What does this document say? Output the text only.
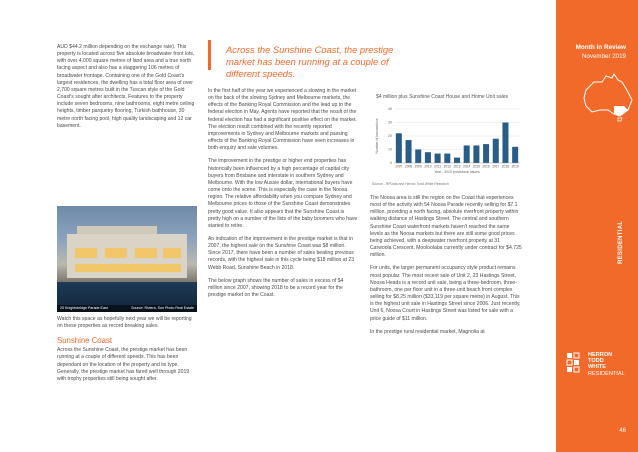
AUD $44.2 million depending on the exchange rate). This property is located across five absolute broadwater front lots, with over 4,000 square metres of land area and a true north facing aspect and also has a staggering 106 metres of broadwater frontage. Containing one of the Gold Coast's largest residences, the dwelling has a total floor area of over 2,700 square metres built in the Tuscan style of the Gold Coast's sought after architects. Features to the property include seven bedrooms, nine bathrooms, eight metre ceiling heights, timber parquetry flooring, Turkish bathhouse, 30 metre north facing pool, high quality landscaping and 12 car basement.

25 Knightsbridge Parade East	Source: Riviera, Sun Photo Real Estate

Watch this space as hopefully next year we will be reporting on these properties as record breaking sales.

Sunshine Coast

Across the Sunshine Coast, the prestige market has been running at a couple of different speeds. This has been dependant on the location of the property and its type. Generally, the prestige market has fared well through 2019 with trophy properties still being sought after.

Across the Sunshine Coast, the prestige market has been running at a couple of different speeds.

In the first half of the year we experienced a slowing in the market on the back of the slowing Sydney and Melbourne markets, the effects of the Banking Royal Commission and the lead up to the federal election in May. Agents have reported that the result of the federal election has had a significant positive effect on the market. The election result combined with the recently reported improvements in Sydney and Melbourne markets and passing effects of the Banking Royal Commission have seen increases in both enquiry and sale volumes.

The improvement in the prestige or higher end properties has historically been influenced by a high percentage of capital city buyers from Brisbane and interstate in southern Sydney and Melbourne. With the low Aussie dollar, international buyers have come onto the scene. This is especially the case in the Noosa region. The relative affordability when you compare Sydney and Melbourne prices to those of the Sunshine Coast demonstrates pretty good value. It also appears that the Sunshine Coast is pretty high on a number of the lists of the baby boomers who have started to retire.

An indication of the improvement in the prestige market is that in 2007, the highest sale on the Sunshine Coast was $8 million. Since 2017, there have been a number of sales beating previous records, with the highest sale in this cycle being $18 million at 23 Webb Road, Sunshine Beach in 2018.

The below graph shows the number of sales in excess of $4 million since 2007, showing 2018 to be a record year for the prestige market on the Coast.

$4 million plus Sunshine Coast House and Home Unit sales
0
10
20
30
40
Number of transactions
2007 2008 2009 2010 2011 2012 2013 2014 2015 2016 2017 2018 2019
Year - 2019 provisional values
Source - RPData and Herron Todd White Research

The Noosa area is still the region on the Coast that experiences most of the activity with 54 Noosa Parade recently selling for $7.1 million, providing a north facing, absolute riverfront property within walking distance of Hastings Street. The central and southern Sunshine Coast waterfront markets haven't reached the same levels as the Noosa markets but there are still some good prices being achieved, with a deepwater riverfront property at 31 Carwoola Crescent, Mooloolaba currently under contract for $4.725 million.

For units, the larger permanent occupancy style product remains most popular. The most recent sale of Unit 2, 23 Hastings Street, Noosa Heads is a record unit sale, being a three-bedroom, three-bathroom, one per floor unit in a three-unit beach front complex selling for $8.25 million ($33,119 per square metre) in August. This is the highest unit sale in Hastings Street since 2006. Just recently, Unit 6, Noosa Court in Hastings Street was listed for sale with a price guide of $11 million.

In the prestige rural residential market, Magnolia at

Month in Review
November 2019
RESIDENTIAL
HERRON
TODD
WHITE
RESIDENTIAL
46
